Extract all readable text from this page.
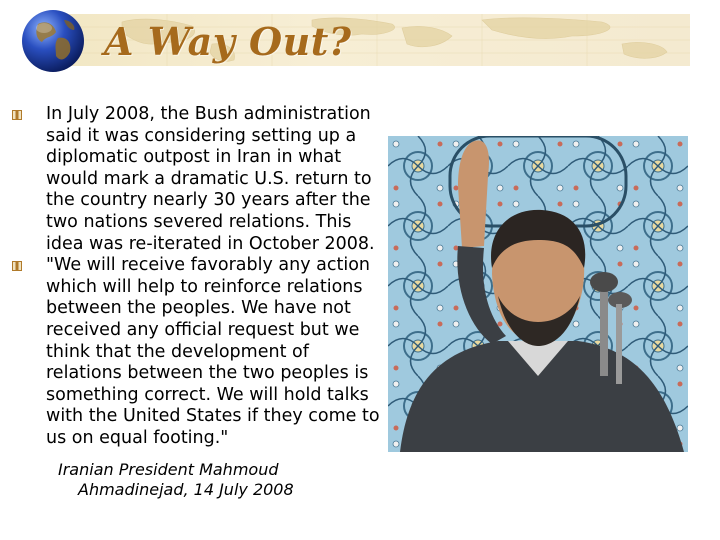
A Way Out?
In July 2008, the Bush administration said it was considering setting up a diplomatic outpost in Iran in what would mark a dramatic U.S. return to the country nearly 30 years after the two nations severed relations. This idea was re-iterated in October 2008.
"We will receive favorably any action which will help to reinforce relations between the peoples. We have not received any official request but we think that the development of relations between the two peoples is something correct. We will hold talks with the United States if they come to us on equal footing."
Iranian President Mahmoud
Ahmadinejad, 14 July 2008
